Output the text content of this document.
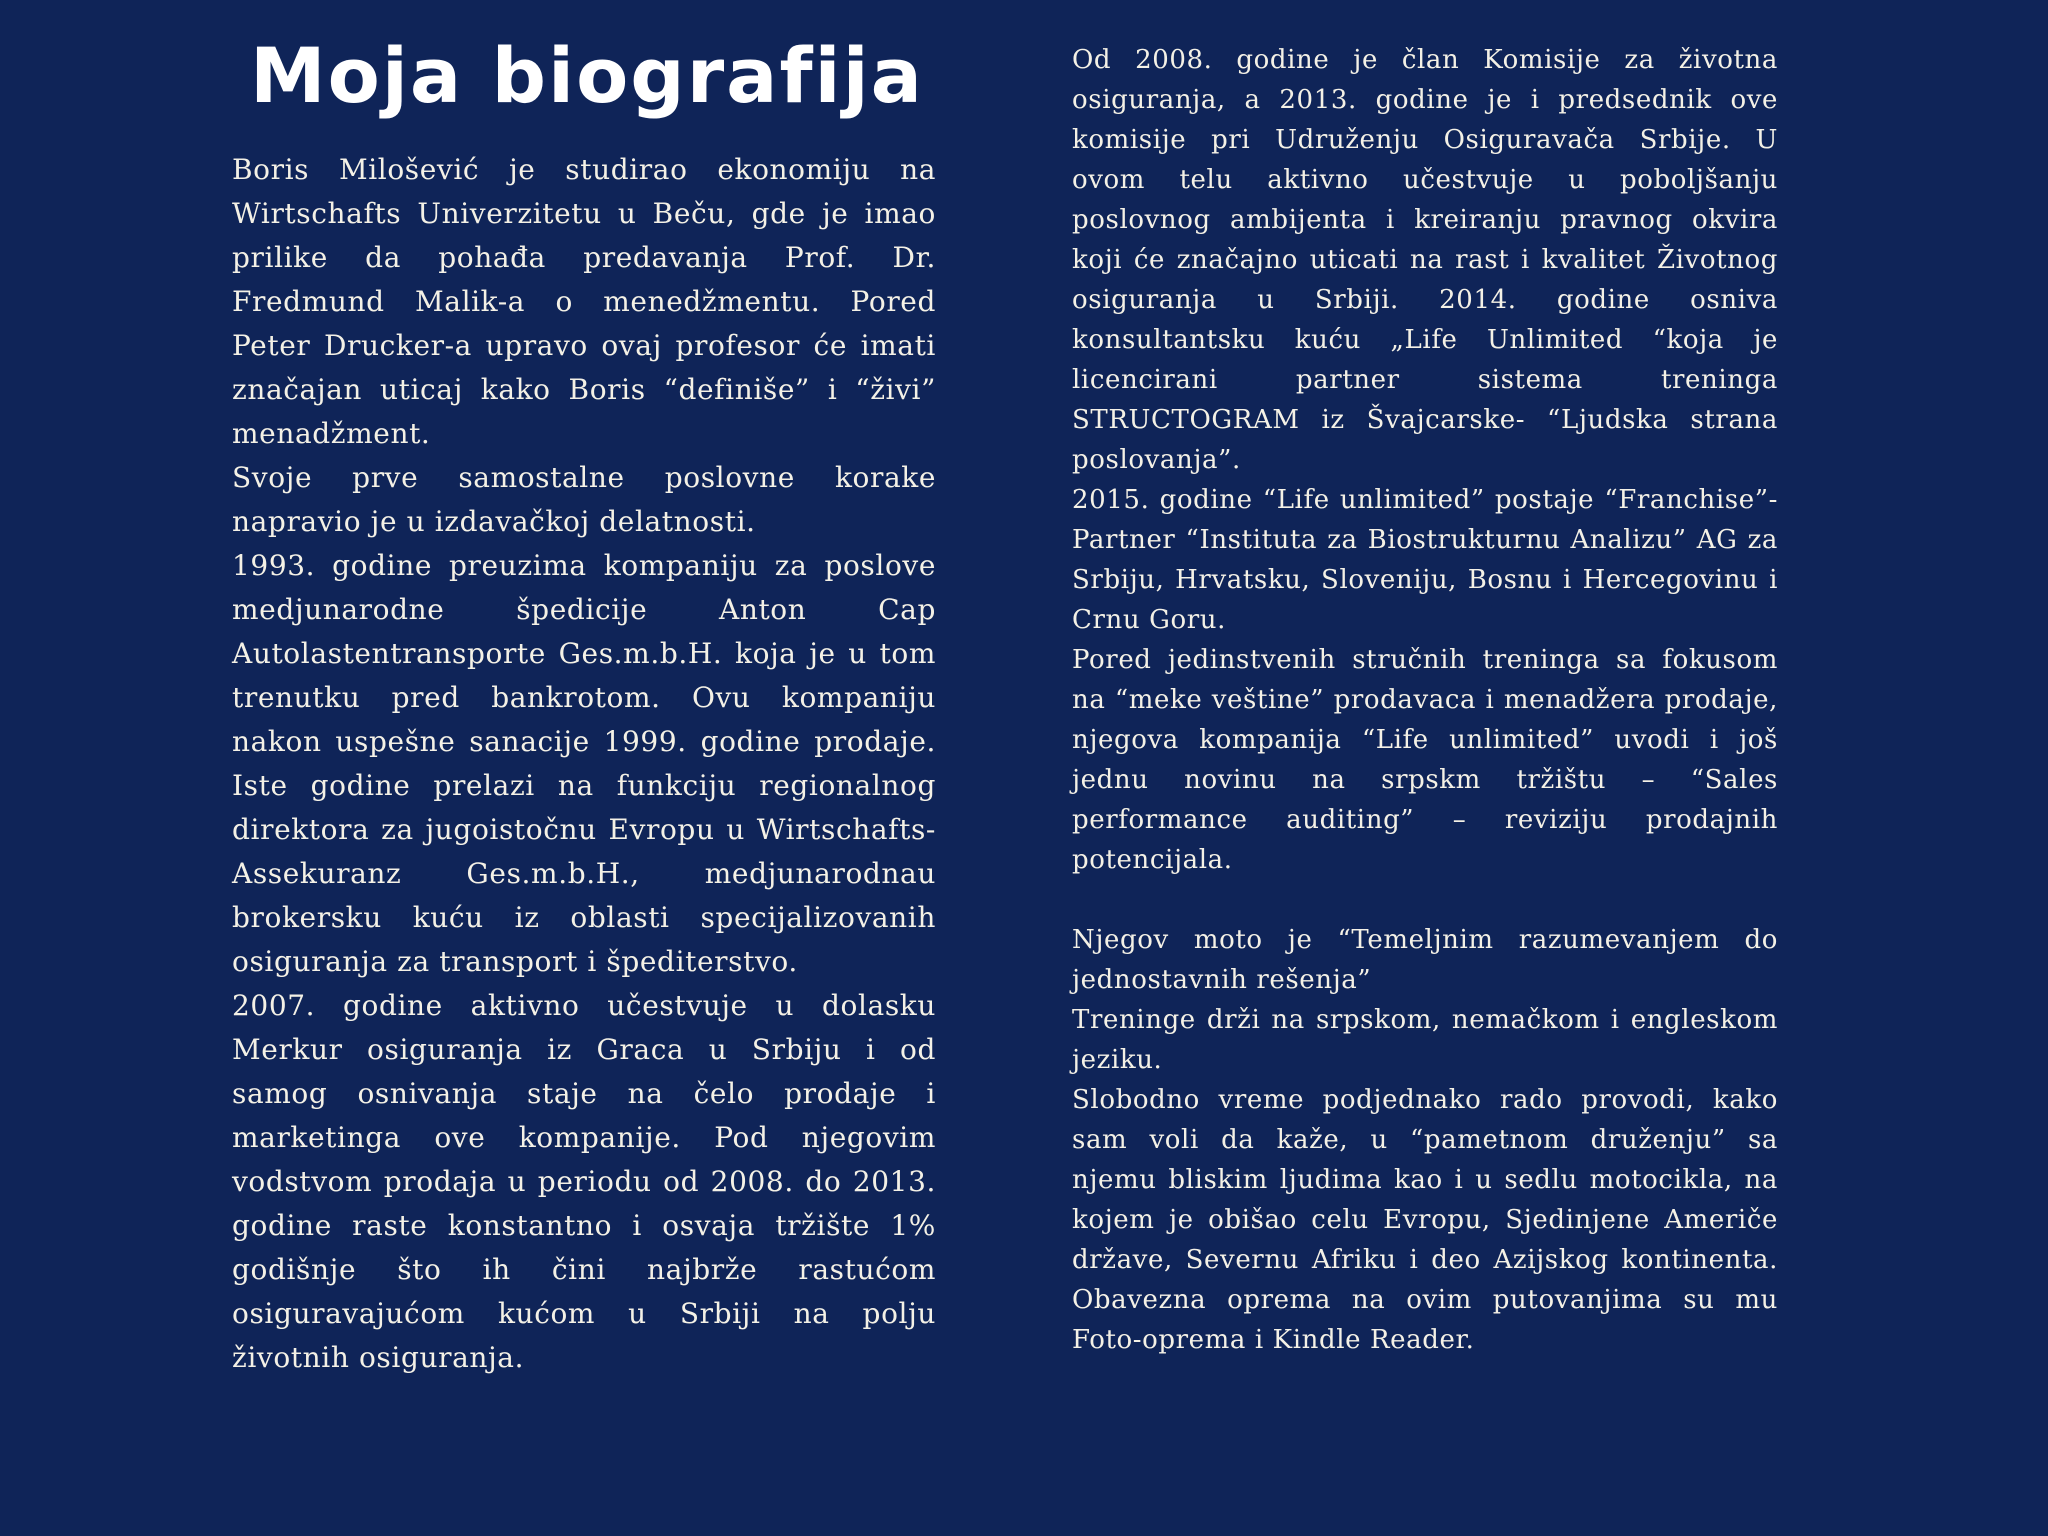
Moja biografija

Boris Milošević je studirao ekonomiju na Wirtschafts Univerzitetu u Beču, gde je imao prilike da pohađa predavanja Prof. Dr. Fredmund Malik-a o menedžmentu. Pored Peter Drucker-a upravo ovaj profesor će imati značajan uticaj kako Boris “definiše” i “živi” menadžment.

Svoje prve samostalne poslovne korake napravio je u izdavačkoj delatnosti.

1993. godine preuzima kompaniju za poslove medjunarodne špedicije Anton Cap Autolastentransporte Ges.m.b.H. koja je u tom trenutku pred bankrotom. Ovu kompaniju nakon uspešne sanacije 1999. godine prodaje. Iste godine prelazi na funkciju regionalnog direktora za jugoistočnu Evropu u Wirtschafts-Assekuranz Ges.m.b.H., medjunarodnau brokersku kuću iz oblasti specijalizovanih osiguranja za transport i špediterstvo.

2007. godine aktivno učestvuje u dolasku Merkur osiguranja iz Graca u Srbiju i od samog osnivanja staje na čelo prodaje i marketinga ove kompanije. Pod njegovim vodstvom prodaja u periodu od 2008. do 2013. godine raste konstantno i osvaja tržište 1% godišnje što ih čini najbrže rastućom osiguravajućom kućom u Srbiji na polju životnih osiguranja.

Od 2008. godine je član Komisije za životna osiguranja, a 2013. godine je i predsednik ove komisije pri Udruženju Osiguravača Srbije. U ovom telu aktivno učestvuje u poboljšanju poslovnog ambijenta i kreiranju pravnog okvira koji će značajno uticati na rast i kvalitet Životnog osiguranja u Srbiji. 2014. godine osniva konsultantsku kuću „Life Unlimited “koja je licencirani partner sistema treninga STRUCTOGRAM iz Švajcarske- “Ljudska strana poslovanja”.

2015. godine “Life unlimited” postaje “Franchise”-Partner “Instituta za Biostrukturnu Analizu” AG za Srbiju, Hrvatsku, Sloveniju, Bosnu i Hercegovinu i Crnu Goru.

Pored jedinstvenih stručnih treninga sa fokusom na “meke veštine” prodavaca i menadžera prodaje, njegova kompanija “Life unlimited” uvodi i još jednu novinu na srpskm tržištu – “Sales performance auditing” – reviziju prodajnih potencijala.

Njegov moto je “Temeljnim razumevanjem do jednostavnih rešenja”

Treninge drži na srpskom, nemačkom i engleskom jeziku.

Slobodno vreme podjednako rado provodi, kako sam voli da kaže, u “pametnom druženju” sa njemu bliskim ljudima kao i u sedlu motocikla, na kojem je obišao celu Evropu, Sjedinjene Američe države, Severnu Afriku i deo Azijskog kontinenta. Obavezna oprema na ovim putovanjima su mu Foto-oprema i Kindle Reader.
